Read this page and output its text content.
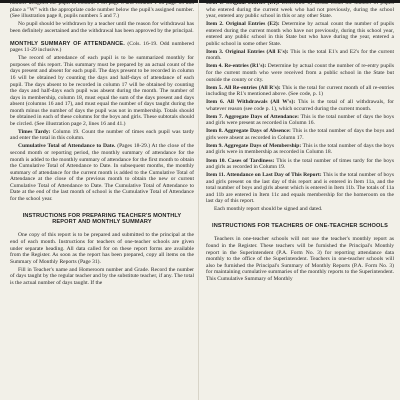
number assigned the pupil in column 1 on page 8 and column 1 on page 63 and place a "W" with the appropriate code number below the pupil's assigned number. (See illustration page 8, pupils numbers 5 and 7.)

No pupil should be withdrawn by a teacher until the reason for withdrawal has been definitely ascertained and the withdrawal has been approved by the principal.

MONTHLY SUMMARY OF ATTENDANCE. (Cols. 16-19. Odd numbered pages 11-29 inclusive.)

The record of attendance of each pupil is to be summarized monthly for purposes of this report. This summary must be prepared by an actual count of the days present and absent for each pupil. The days present to be recorded in column 16 will be obtained by counting the days and half-days of attendance of each pupil. The days absent to be recorded in column 17 will be obtained by counting the days and half-days each pupil was absent during the month. The number of days in membership, column 18, must equal the sum of the days present and days absent (columns 16 and 17), and must equal the number of days taught during the month minus the number of days the pupil was not in membership. Totals should be obtained in each of these columns for the boys and girls. These subtotals should be circled. (See illustration page 2, lines 16 and 41.)

Times Tardy: Column 19. Count the number of times each pupil was tardy and enter the total in this column.

Cumulative Total of Attendance to Date. (Pages 18-29.) At the close of the second month or reporting period, the monthly summary of attendance for the month is added to the monthly summary of attendance for the first month to obtain the Cumulative Total of Attendance to Date. In subsequent months, the monthly summary of attendance for the current month is added to the Cumulative Total of Attendance at the close of the previous month to obtain the new or current Cumulative Total of Attendance to Date. The Cumulative Total of Attendance to Date at the end of the last month of school is the Cumulative Total of Attendance for the school year.

INSTRUCTIONS FOR PREPARING TEACHER'S MONTHLY REPORT AND MONTHLY SUMMARY

One copy of this report is to be prepared and submitted to the principal at the end of each month. Instructions for teachers of one-teacher schools are given under separate heading. All data called for on these report forms are available from the Register. As soon as the report has been prepared, copy all items on the Summary of Monthly Reports (Page 31).

Fill in Teacher's name and Homeroom number and Grade. Record the number of days taught by the regular teacher and by the substitute teacher, if any. The total is the actual number of days taught. If the

Item 1. Original Entries (E1): Determine by actual count the number of pupils who entered during the current week who had not previously, during the school year, entered any public school in this or any other State.

Item 2. Original Entries (E2): Determine by actual count the number of pupils entered during the current month who have not previously, during this school year, entered any public school in this State but who have during the year, entered a public school in some other State.

Item 3. Original Entries (All E's): This is the total E1's and E2's for the current month.

Item 4. Re-entries (R1's): Determine by actual count the number of re-entry pupils for the current month who were received from a public school in the State but outside the county or city.

Item 5. All Re-entries (All R's): This is the total for current month of all re-entries including the R1's mentioned above. (See code, p. 1)

Item 6. All Withdrawals (All W's): This is the total of all withdrawals, for whatever reason (see code p. 1), which occurred during the current month.

Item 7. Aggregate Days of Attendance: This is the total number of days the boys and girls were present as recorded in Column 16.

Item 8. Aggregate Days of Absence: This is the total number of days the boys and girls were absent as recorded in Column 17.

Item 9. Aggregate Days of Membership: This is the total number of days the boys and girls were in membership as recorded in Column 18.

Item 10. Cases of Tardiness: This is the total number of times tardy for the boys and girls as recorded in Column 19.

Item 11. Attendance on Last Day of This Report: This is the total number of boys and girls present on the last day of this report and is entered in Item 11a, and the total number of boys and girls absent which is entered in Item 11b. The totals of 11a and 11b are entered in Item 11c and equals membership for the homeroom on the last day of this report.

Each monthly report should be signed and dated.

INSTRUCTIONS FOR TEACHERS OF ONE-TEACHER SCHOOLS

Teachers in one-teacher schools will not use the teacher's monthly report as found in the Register. These teachers will be furnished the Principal's Monthly report in the Superintendent (P.A. Form No. 3) for reporting attendance data monthly to the office of the Superintendent. Teachers in one-teacher schools will also be furnished the Principal's Summary of Monthly Reports (P.A. Form No. 3) for maintaining cumulative summaries of the monthly reports to the Superintendent. This Cumulative Summary of Monthly
